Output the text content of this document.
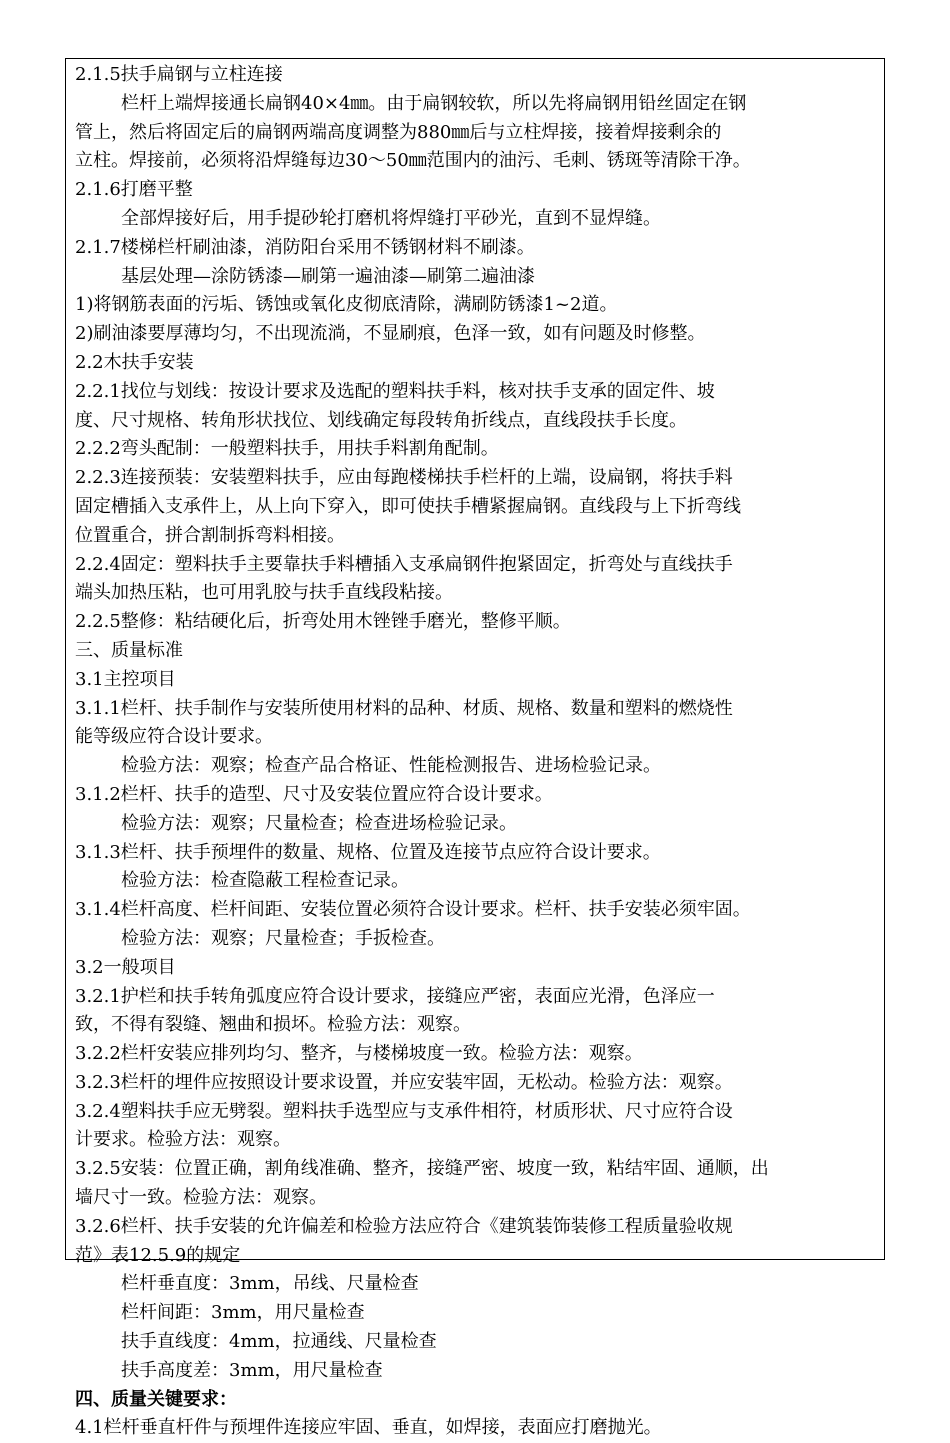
2.1.5扶手扁钢与立柱连接
栏杆上端焊接通长扁钢40×4㎜。由于扁钢较软，所以先将扁钢用铅丝固定在钢
管上，然后将固定后的扁钢两端高度调整为880㎜后与立柱焊接，接着焊接剩余的
立柱。焊接前，必须将沿焊缝每边30～50㎜范围内的油污、毛刺、锈斑等清除干净。
2.1.6打磨平整
全部焊接好后，用手提砂轮打磨机将焊缝打平砂光，直到不显焊缝。
2.1.7楼梯栏杆刷油漆，消防阳台采用不锈钢材料不刷漆。
基层处理—涂防锈漆—刷第一遍油漆—刷第二遍油漆
1)将钢筋表面的污垢、锈蚀或氧化皮彻底清除，满刷防锈漆1~2道。
2)刷油漆要厚薄均匀，不出现流淌，不显刷痕，色泽一致，如有问题及时修整。
2.2木扶手安装
2.2.1找位与划线：按设计要求及选配的塑料扶手料，核对扶手支承的固定件、坡
度、尺寸规格、转角形状找位、划线确定每段转角折线点，直线段扶手长度。
2.2.2弯头配制：一般塑料扶手，用扶手料割角配制。
2.2.3连接预装：安装塑料扶手，应由每跑楼梯扶手栏杆的上端，设扁钢，将扶手料
固定槽插入支承件上，从上向下穿入，即可使扶手槽紧握扁钢。直线段与上下折弯线
位置重合，拼合割制拆弯料相接。
2.2.4固定：塑料扶手主要靠扶手料槽插入支承扁钢件抱紧固定，折弯处与直线扶手
端头加热压粘，也可用乳胶与扶手直线段粘接。
2.2.5整修：粘结硬化后，折弯处用木锉锉手磨光，整修平顺。
三、质量标准
3.1主控项目
3.1.1栏杆、扶手制作与安装所使用材料的品种、材质、规格、数量和塑料的燃烧性
能等级应符合设计要求。
检验方法：观察；检查产品合格证、性能检测报告、进场检验记录。
3.1.2栏杆、扶手的造型、尺寸及安装位置应符合设计要求。
检验方法：观察；尺量检查；检查进场检验记录。
3.1.3栏杆、扶手预埋件的数量、规格、位置及连接节点应符合设计要求。
检验方法：检查隐蔽工程检查记录。
3.1.4栏杆高度、栏杆间距、安装位置必须符合设计要求。栏杆、扶手安装必须牢固。
检验方法：观察；尺量检查；手扳检查。
3.2一般项目
3.2.1护栏和扶手转角弧度应符合设计要求，接缝应严密，表面应光滑，色泽应一
致，不得有裂缝、翘曲和损坏。检验方法：观察。
3.2.2栏杆安装应排列均匀、整齐，与楼梯坡度一致。检验方法：观察。
3.2.3栏杆的埋件应按照设计要求设置，并应安装牢固，无松动。检验方法：观察。
3.2.4塑料扶手应无劈裂。塑料扶手选型应与支承件相符，材质形状、尺寸应符合设
计要求。检验方法：观察。
3.2.5安装：位置正确，割角线准确、整齐，接缝严密、坡度一致，粘结牢固、通顺，出
墙尺寸一致。检验方法：观察。
3.2.6栏杆、扶手安装的允许偏差和检验方法应符合《建筑装饰装修工程质量验收规
范》表12.5.9的规定
栏杆垂直度：3mm，吊线、尺量检查
栏杆间距：3mm，用尺量检查
扶手直线度：4mm，拉通线、尺量检查
扶手高度差：3mm，用尺量检查
四、质量关键要求：
4.1栏杆垂直杆件与预埋件连接应牢固、垂直，如焊接，表面应打磨抛光。
